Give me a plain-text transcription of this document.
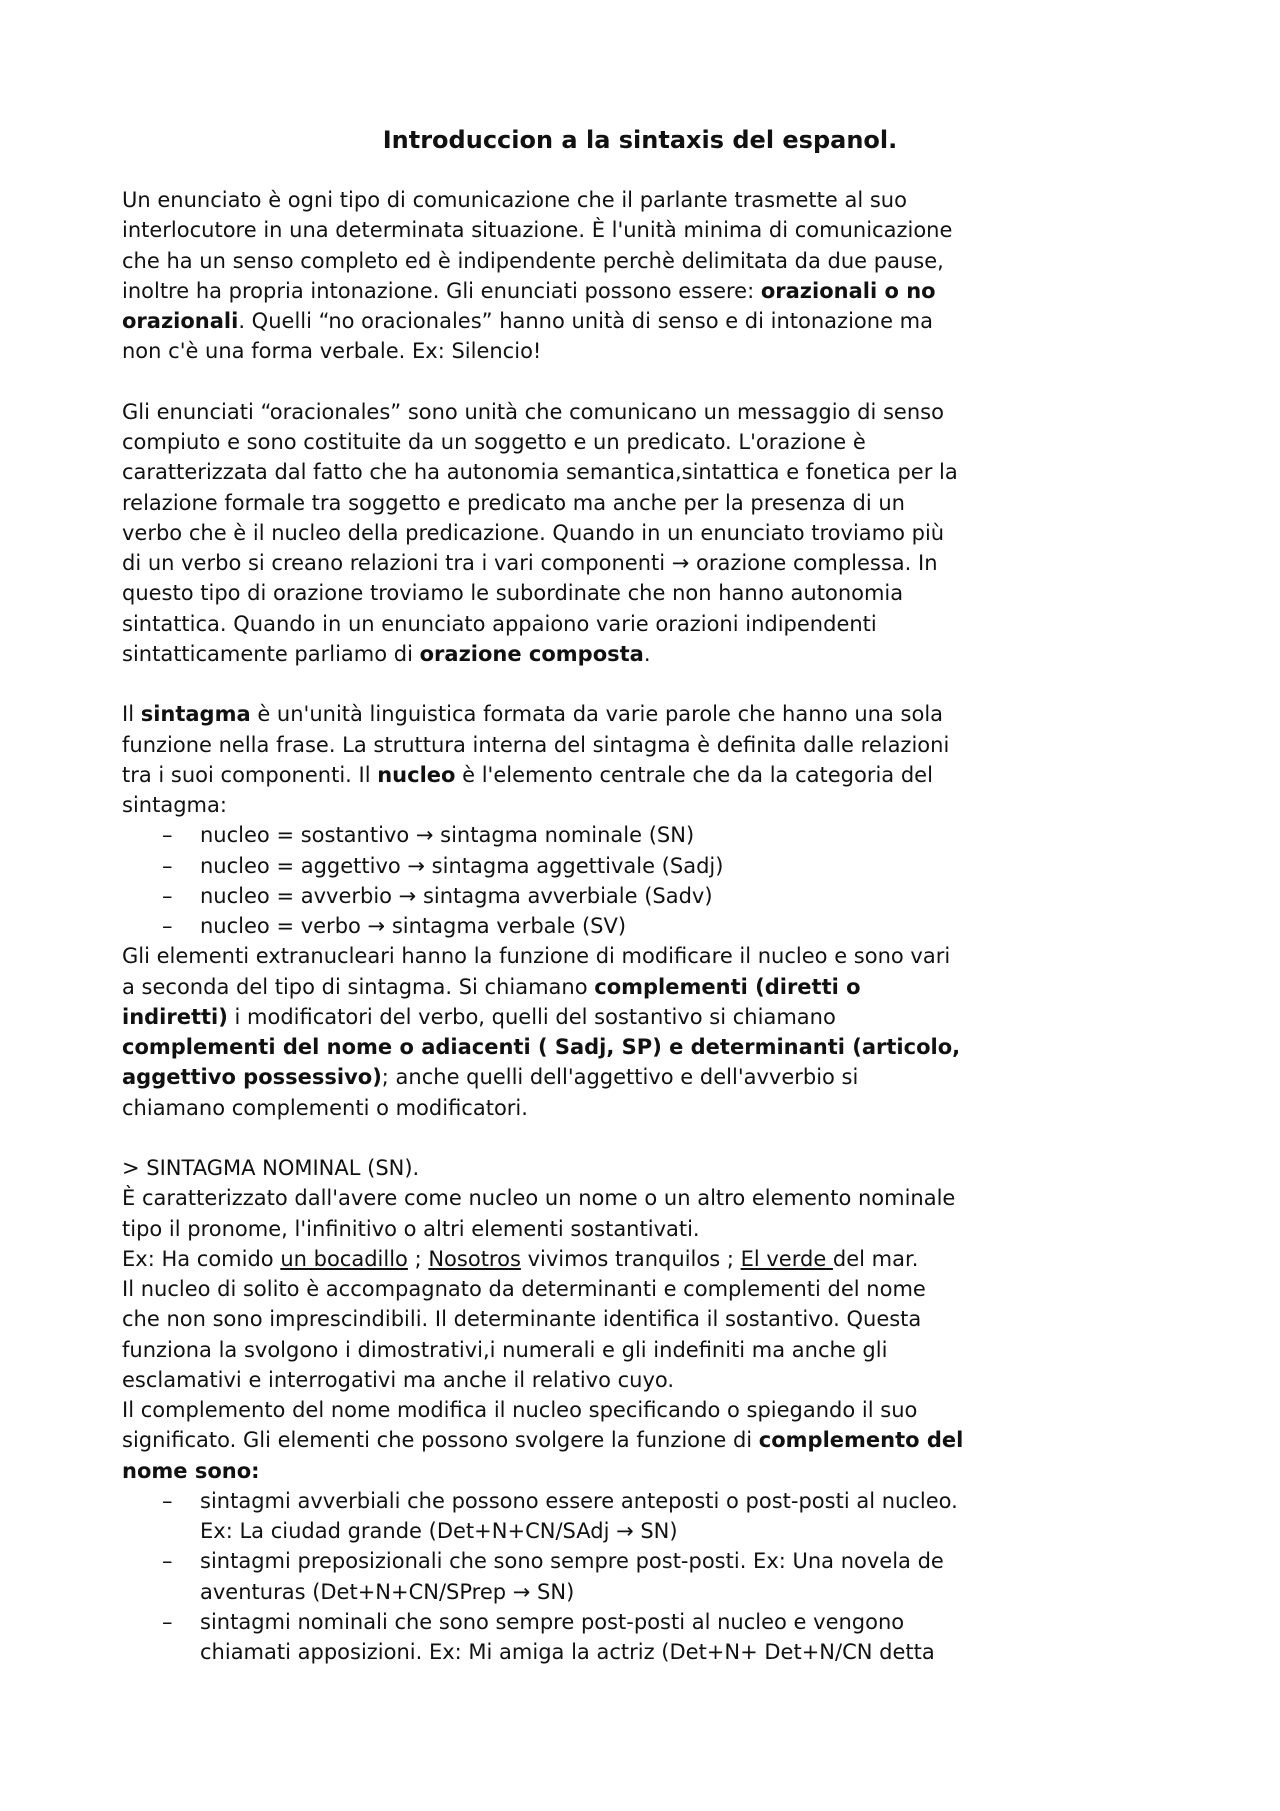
Introduccion a la sintaxis del espanol.
Un enunciato è ogni tipo di comunicazione che il parlante trasmette al suo
interlocutore in una determinata situazione. È l'unità minima di comunicazione
che ha un senso completo ed è indipendente perchè delimitata da due pause,
inoltre ha propria intonazione. Gli enunciati possono essere: orazionali o no
orazionali. Quelli “no oracionales” hanno unità di senso e di intonazione ma
non c'è una forma verbale. Ex: Silencio!
Gli enunciati “oracionales” sono unità che comunicano un messaggio di senso
compiuto e sono costituite da un soggetto e un predicato. L'orazione è
caratterizzata dal fatto che ha autonomia semantica,sintattica e fonetica per la
relazione formale tra soggetto e predicato ma anche per la presenza di un
verbo che è il nucleo della predicazione. Quando in un enunciato troviamo più
di un verbo si creano relazioni tra i vari componenti → orazione complessa. In
questo tipo di orazione troviamo le subordinate che non hanno autonomia
sintattica. Quando in un enunciato appaiono varie orazioni indipendenti
sintatticamente parliamo di orazione composta.
Il sintagma è un'unità linguistica formata da varie parole che hanno una sola
funzione nella frase. La struttura interna del sintagma è definita dalle relazioni
tra i suoi componenti. Il nucleo è l'elemento centrale che da la categoria del
sintagma:
– nucleo = sostantivo → sintagma nominale (SN)
– nucleo = aggettivo → sintagma aggettivale (Sadj)
– nucleo = avverbio → sintagma avverbiale (Sadv)
– nucleo = verbo → sintagma verbale (SV)
Gli elementi extranucleari hanno la funzione di modificare il nucleo e sono vari
a seconda del tipo di sintagma. Si chiamano complementi (diretti o
indiretti) i modificatori del verbo, quelli del sostantivo si chiamano
complementi del nome o adiacenti ( Sadj, SP) e determinanti (articolo,
aggettivo possessivo); anche quelli dell'aggettivo e dell'avverbio si
chiamano complementi o modificatori.
> SINTAGMA NOMINAL (SN).
È caratterizzato dall'avere come nucleo un nome o un altro elemento nominale
tipo il pronome, l'infinitivo o altri elementi sostantivati.
Ex: Ha comido un bocadillo ; Nosotros vivimos tranquilos ; El verde del mar.
Il nucleo di solito è accompagnato da determinanti e complementi del nome
che non sono imprescindibili. Il determinante identifica il sostantivo. Questa
funziona la svolgono i dimostrativi,i numerali e gli indefiniti ma anche gli
esclamativi e interrogativi ma anche il relativo cuyo.
Il complemento del nome modifica il nucleo specificando o spiegando il suo
significato. Gli elementi che possono svolgere la funzione di complemento del
nome sono:
– sintagmi avverbiali che possono essere anteposti o post-posti al nucleo.
Ex: La ciudad grande (Det+N+CN/SAdj → SN)
– sintagmi preposizionali che sono sempre post-posti. Ex: Una novela de
aventuras (Det+N+CN/SPrep → SN)
– sintagmi nominali che sono sempre post-posti al nucleo e vengono
chiamati apposizioni. Ex: Mi amiga la actriz (Det+N+ Det+N/CN detta
